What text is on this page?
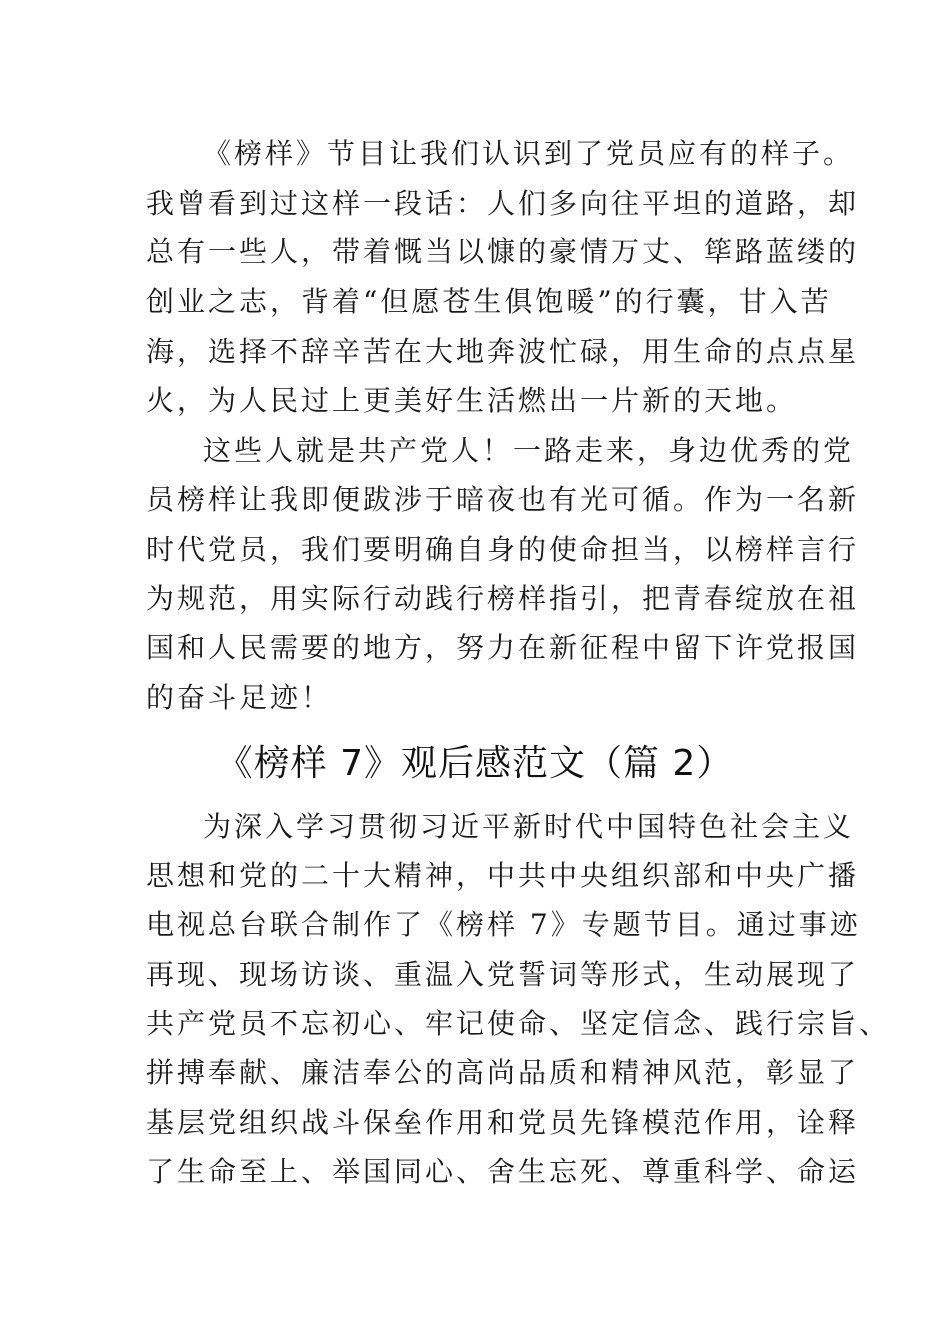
《榜样》节目让我们认识到了党员应有的样子。
我曾看到过这样一段话：人们多向往平坦的道路，却
总有一些人，带着慨当以慷的豪情万丈、筚路蓝缕的
创业之志，背着“但愿苍生俱饱暖”的行囊，甘入苦
海，选择不辞辛苦在大地奔波忙碌，用生命的点点星
火，为人民过上更美好生活燃出一片新的天地。
这些人就是共产党人！一路走来，身边优秀的党
员榜样让我即便跋涉于暗夜也有光可循。作为一名新
时代党员，我们要明确自身的使命担当，以榜样言行
为规范，用实际行动践行榜样指引，把青春绽放在祖
国和人民需要的地方，努力在新征程中留下许党报国
的奋斗足迹！
《榜样 7》观后感范文（篇 2）
为深入学习贯彻习近平新时代中国特色社会主义
思想和党的二十大精神，中共中央组织部和中央广播
电视总台联合制作了《榜样 7》专题节目。通过事迹
再现、现场访谈、重温入党誓词等形式，生动展现了
共产党员不忘初心、牢记使命、坚定信念、践行宗旨、
拼搏奉献、廉洁奉公的高尚品质和精神风范，彰显了
基层党组织战斗保垒作用和党员先锋模范作用，诠释
了生命至上、举国同心、舍生忘死、尊重科学、命运
